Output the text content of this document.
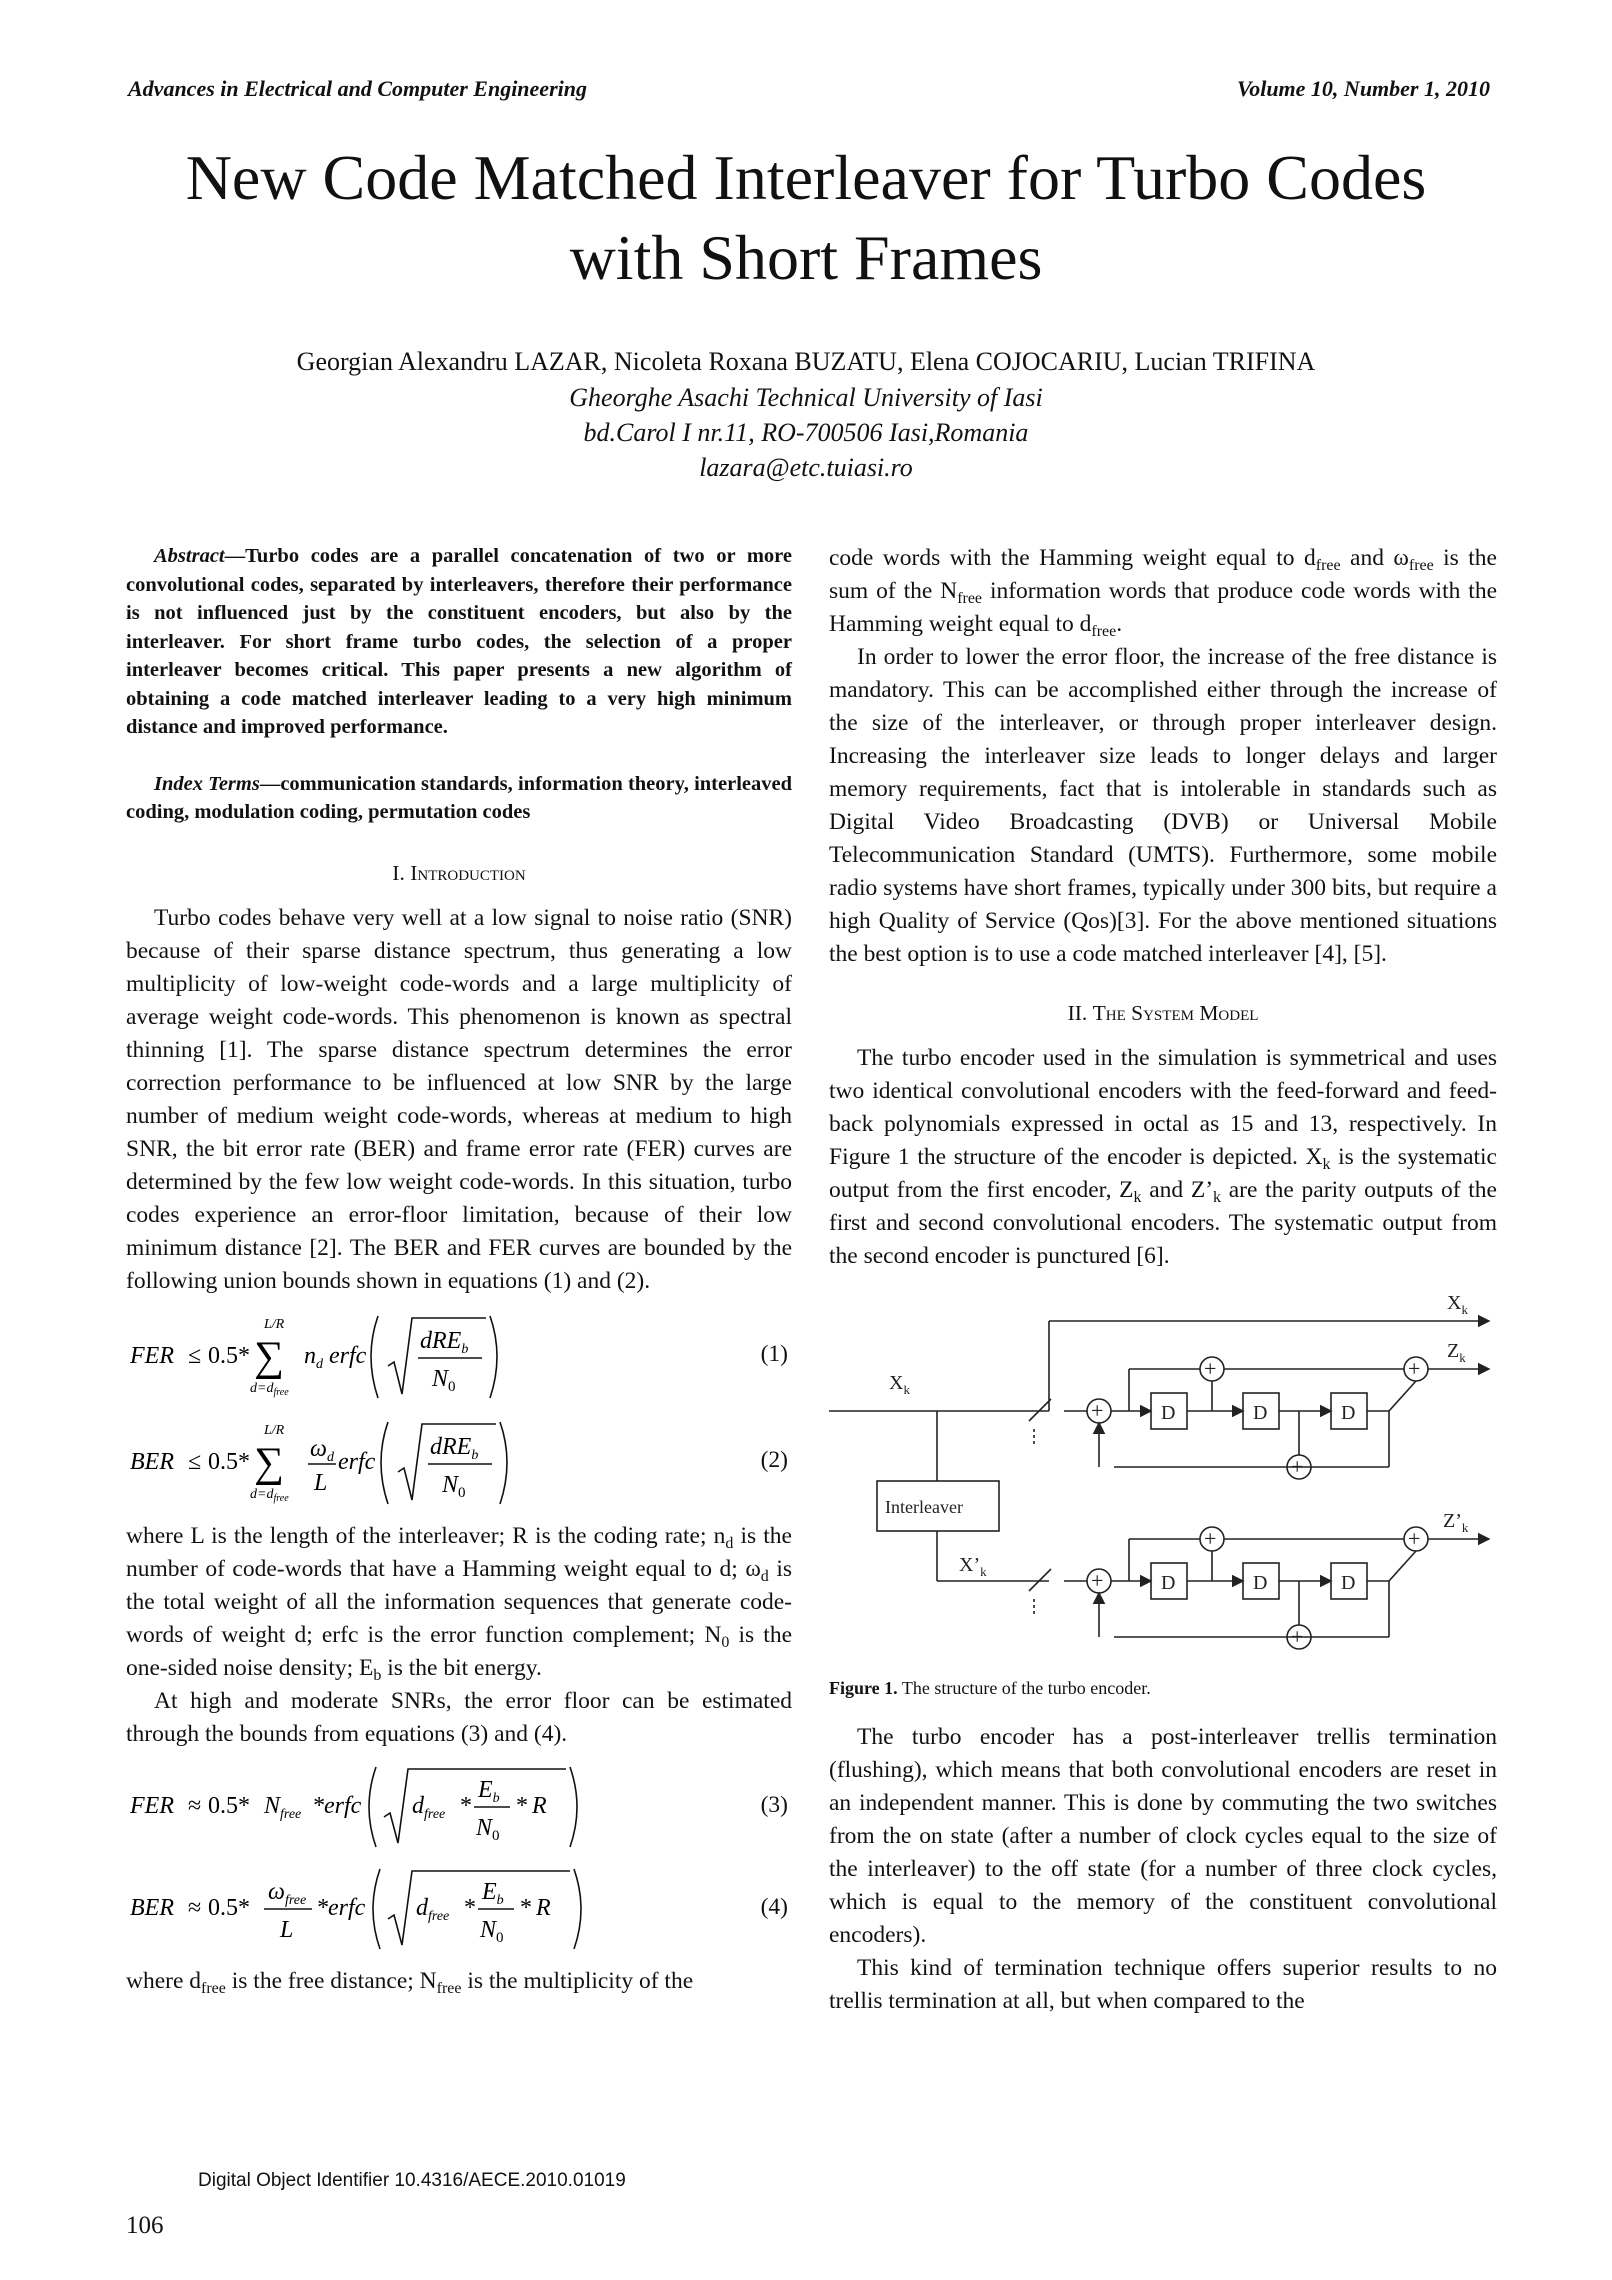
Advances in Electrical and Computer Engineering	Volume 10, Number 1, 2010
New Code Matched Interleaver for Turbo Codes
with Short Frames
Georgian Alexandru LAZAR, Nicoleta Roxana BUZATU, Elena COJOCARIU, Lucian TRIFINA
Gheorghe Asachi Technical University of Iasi
bd.Carol I nr.11, RO-700506 Iasi,Romania
lazara@etc.tuiasi.ro

Abstract—Turbo codes are a parallel concatenation of two or more convolutional codes, separated by interleavers, therefore their performance is not influenced just by the constituent encoders, but also by the interleaver. For short frame turbo codes, the selection of a proper interleaver becomes critical. This paper presents a new algorithm of obtaining a code matched interleaver leading to a very high minimum distance and improved performance.

Index Terms—communication standards, information theory, interleaved coding, modulation coding, permutation codes

I. Introduction

Turbo codes behave very well at a low signal to noise ratio (SNR) because of their sparse distance spectrum, thus generating a low multiplicity of low-weight code-words and a large multiplicity of average weight code-words. This phenomenon is known as spectral thinning [1]. The sparse distance spectrum determines the error correction performance to be influenced at low SNR by the large number of medium weight code-words, whereas at medium to high SNR, the bit error rate (BER) and frame error rate (FER) curves are determined by the few low weight code-words. In this situation, turbo codes experience an error-floor limitation, because of their low minimum distance [2]. The BER and FER curves are bounded by the following union bounds shown in equations (1) and (2).

FER ≤ 0.5*
L/R
∑
$d=d_{free}$
$n_d$ erfc
dRE$_b$
$N_0$
(1)
BER ≤ 0.5*
L/R
∑
$d=d_{free}$
$\omega_d$
L
erfc
dRE$_b$
$N_0$
(2)

where L is the length of the interleaver; R is the coding rate; $n_d$ is the number of code-words that have a Hamming weight equal to d; $\omega_d$ is the total weight of all the information sequences that generate code-words of weight d; erfc is the error function complement; $N_0$ is the one-sided noise density; $E_b$ is the bit energy.

At high and moderate SNRs, the error floor can be estimated through the bounds from equations (3) and (4).

FER ≈ 0.5* $N_{free}$ *erfc $d_{free}$ *
$E_b$
$N_0$
* R	(3)
BER ≈ 0.5*
$\omega_{free}$
L
*erfc $d_{free}$ *
$E_b$
$N_0$
* R	(4)

where $d_{free}$ is the free distance; $N_{free}$ is the multiplicity of the

code words with the Hamming weight equal to $d_{free}$ and $\omega_{free}$ is the sum of the $N_{free}$ information words that produce code words with the Hamming weight equal to $d_{free}$.

In order to lower the error floor, the increase of the free distance is mandatory. This can be accomplished either through the increase of the size of the interleaver, or through proper interleaver design. Increasing the interleaver size leads to longer delays and larger memory requirements, fact that is intolerable in standards such as Digital Video Broadcasting (DVB) or Universal Mobile Telecommunication Standard (UMTS). Furthermore, some mobile radio systems have short frames, typically under 300 bits, but require a high Quality of Service (Qos)[3]. For the above mentioned situations the best option is to use a code matched interleaver [4], [5].

II. The System Model

The turbo encoder used in the simulation is symmetrical and uses two identical convolutional encoders with the feed-forward and feed-back polynomials expressed in octal as 15 and 13, respectively. In Figure 1 the structure of the encoder is depicted. $X_k$ is the systematic output from the first encoder, $Z_k$ and $Z’_k$ are the parity outputs of the first and second convolutional encoders. The systematic output from the second encoder is punctured [6].

$X_k$
$Z_k$
$X_k$
Interleaver
$Z’_k$
$X’_k$
D	D	D
D	D	D
+
+
+
+
+
+
+
+
Figure 1. The structure of the turbo encoder.

The turbo encoder has a post-interleaver trellis termination (flushing), which means that both convolutional encoders are reset in an independent manner. This is done by commuting the two switches from the on state (after a number of clock cycles equal to the size of the interleaver) to the off state (for a number of three clock cycles, which is equal to the memory of the constituent convolutional encoders).

This kind of termination technique offers superior results to no trellis termination at all, but when compared to the

Digital Object Identifier 10.4316/AECE.2010.01019
106
